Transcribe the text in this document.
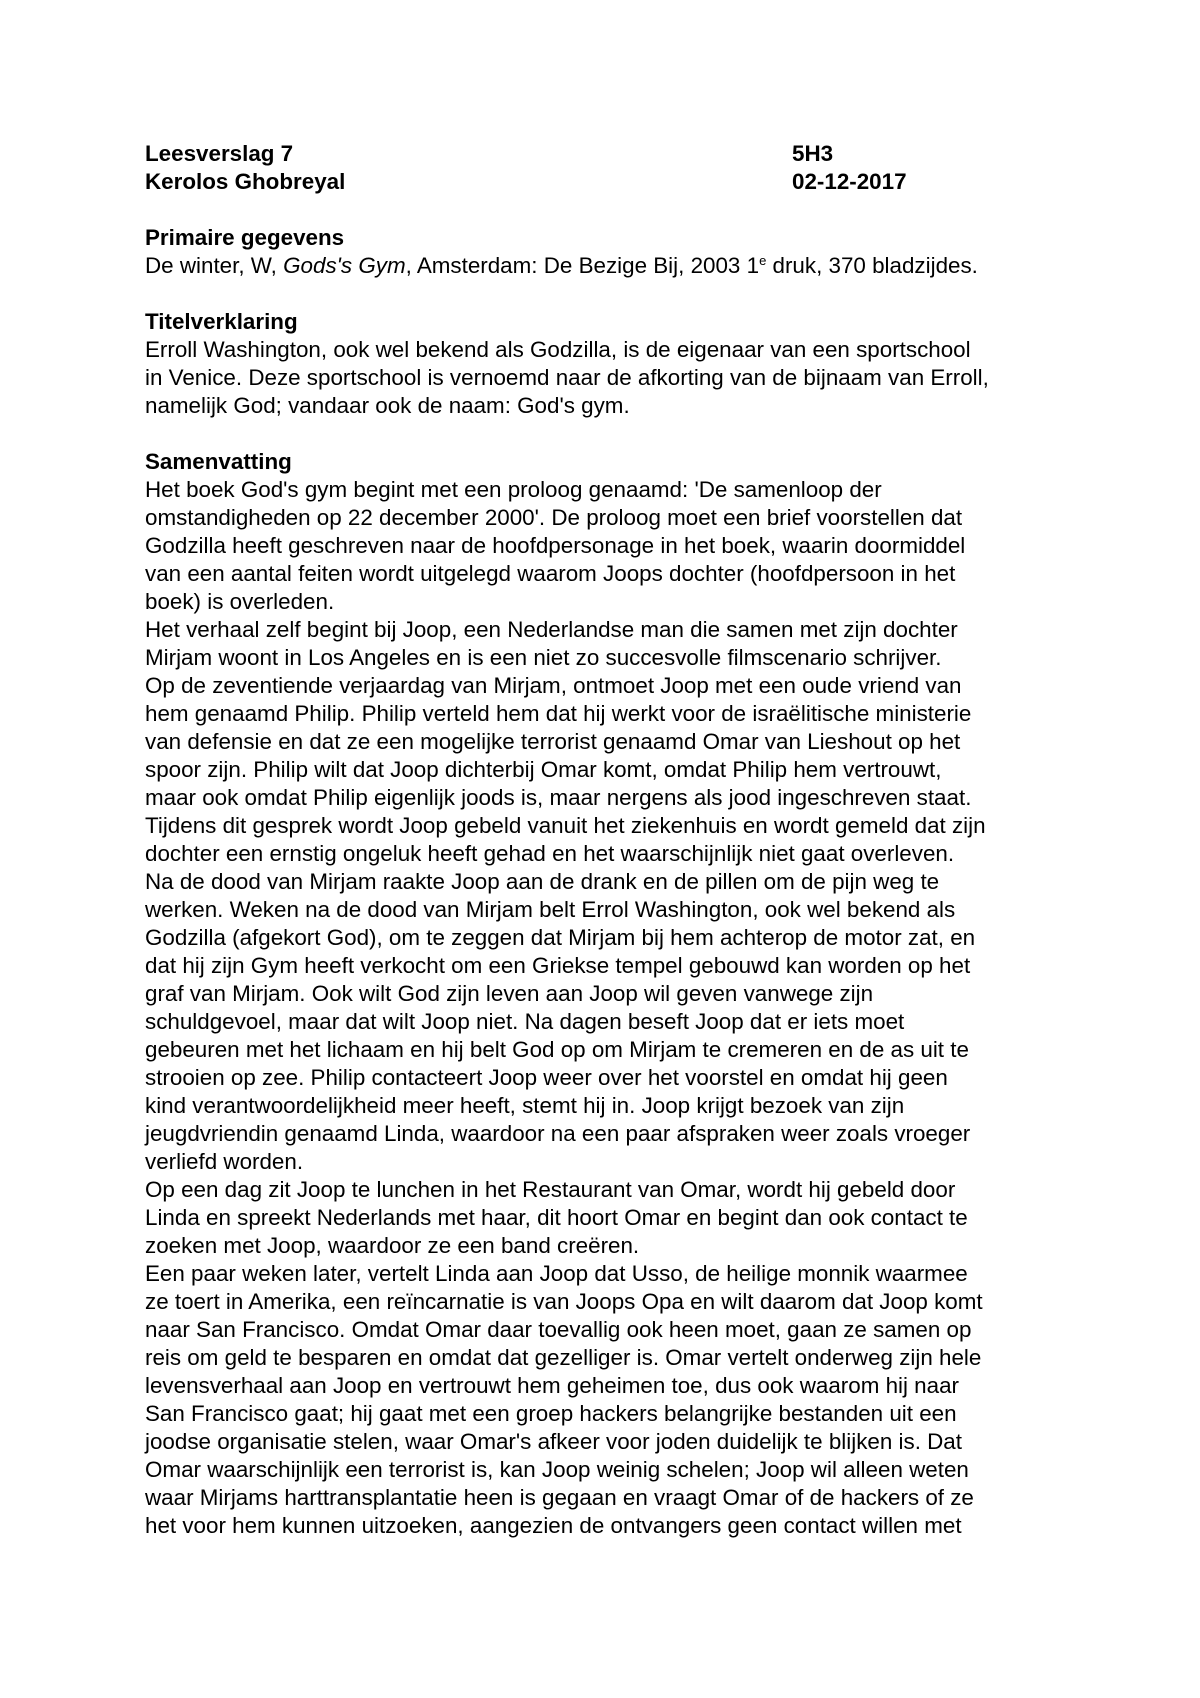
Leesverslag 7	5H3
Kerolos Ghobreyal	02-12-2017
Primaire gegevens
De winter, W, Gods's Gym, Amsterdam: De Bezige Bij, 2003 1e druk, 370 bladzijdes.
Titelverklaring
Erroll Washington, ook wel bekend als Godzilla, is de eigenaar van een sportschool
in Venice. Deze sportschool is vernoemd naar de afkorting van de bijnaam van Erroll,
namelijk God; vandaar ook de naam: God's gym.
Samenvatting
Het boek God's gym begint met een proloog genaamd: 'De samenloop der
omstandigheden op 22 december 2000'. De proloog moet een brief voorstellen dat
Godzilla heeft geschreven naar de hoofdpersonage in het boek, waarin doormiddel
van een aantal feiten wordt uitgelegd waarom Joops dochter (hoofdpersoon in het
boek) is overleden.
Het verhaal zelf begint bij Joop, een Nederlandse man die samen met zijn dochter
Mirjam woont in Los Angeles en is een niet zo succesvolle filmscenario schrijver.
Op de zeventiende verjaardag van Mirjam, ontmoet Joop met een oude vriend van
hem genaamd Philip. Philip verteld hem dat hij werkt voor de israëlitische ministerie
van defensie en dat ze een mogelijke terrorist genaamd Omar van Lieshout op het
spoor zijn. Philip wilt dat Joop dichterbij Omar komt, omdat Philip hem vertrouwt,
maar ook omdat Philip eigenlijk joods is, maar nergens als jood ingeschreven staat.
Tijdens dit gesprek wordt Joop gebeld vanuit het ziekenhuis en wordt gemeld dat zijn
dochter een ernstig ongeluk heeft gehad en het waarschijnlijk niet gaat overleven.
Na de dood van Mirjam raakte Joop aan de drank en de pillen om de pijn weg te
werken. Weken na de dood van Mirjam belt Errol Washington, ook wel bekend als
Godzilla (afgekort God), om te zeggen dat Mirjam bij hem achterop de motor zat, en
dat hij zijn Gym heeft verkocht om een Griekse tempel gebouwd kan worden op het
graf van Mirjam. Ook wilt God zijn leven aan Joop wil geven vanwege zijn
schuldgevoel, maar dat wilt Joop niet. Na dagen beseft Joop dat er iets moet
gebeuren met het lichaam en hij belt God op om Mirjam te cremeren en de as uit te
strooien op zee. Philip contacteert Joop weer over het voorstel en omdat hij geen
kind verantwoordelijkheid meer heeft, stemt hij in. Joop krijgt bezoek van zijn
jeugdvriendin genaamd Linda, waardoor na een paar afspraken weer zoals vroeger
verliefd worden.
Op een dag zit Joop te lunchen in het Restaurant van Omar, wordt hij gebeld door
Linda en spreekt Nederlands met haar, dit hoort Omar en begint dan ook contact te
zoeken met Joop, waardoor ze een band creëren.
Een paar weken later, vertelt Linda aan Joop dat Usso, de heilige monnik waarmee
ze toert in Amerika, een reïncarnatie is van Joops Opa en wilt daarom dat Joop komt
naar San Francisco. Omdat Omar daar toevallig ook heen moet, gaan ze samen op
reis om geld te besparen en omdat dat gezelliger is. Omar vertelt onderweg zijn hele
levensverhaal aan Joop en vertrouwt hem geheimen toe, dus ook waarom hij naar
San Francisco gaat; hij gaat met een groep hackers belangrijke bestanden uit een
joodse organisatie stelen, waar Omar's afkeer voor joden duidelijk te blijken is. Dat
Omar waarschijnlijk een terrorist is, kan Joop weinig schelen; Joop wil alleen weten
waar Mirjams harttransplantatie heen is gegaan en vraagt Omar of de hackers of ze
het voor hem kunnen uitzoeken, aangezien de ontvangers geen contact willen met
